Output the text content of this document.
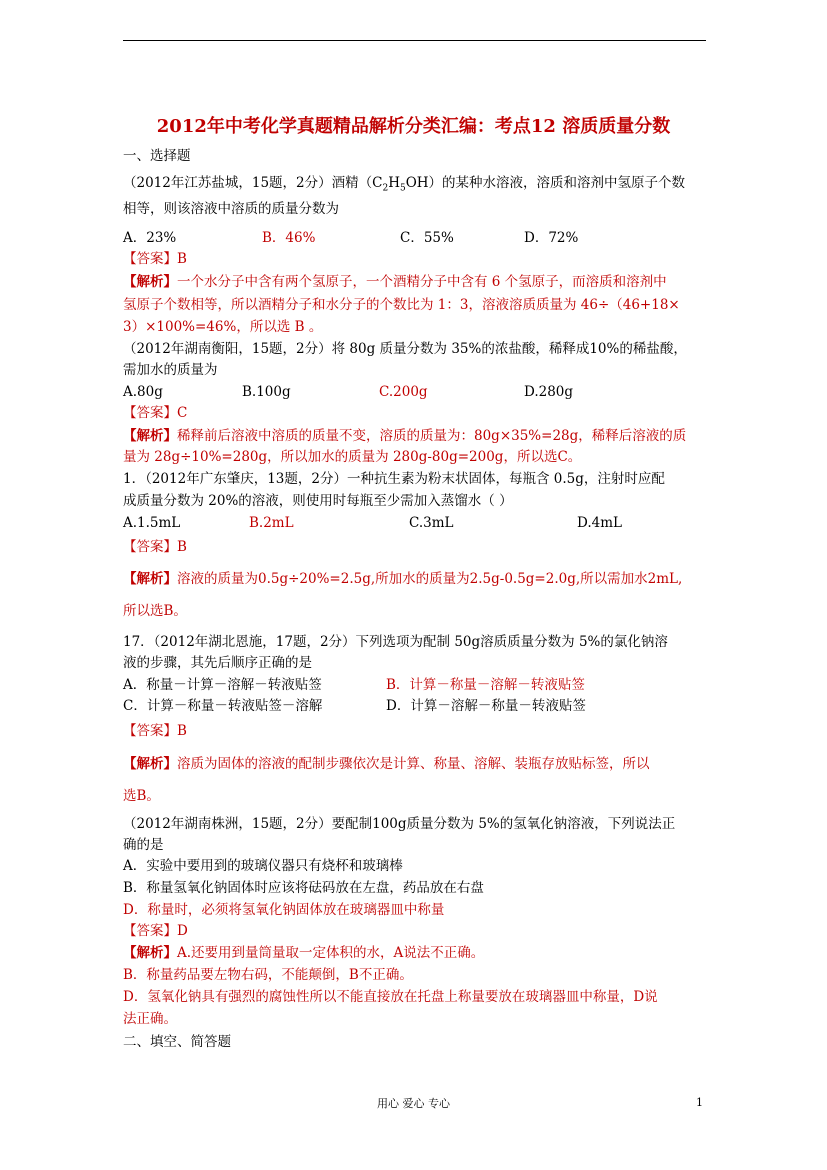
2012年中考化学真题精品解析分类汇编：考点12 溶质质量分数
一、选择题
（2012年江苏盐城，15题，2分）酒精$(C_2H_5OH)$的某种水溶液，溶质和溶剂中氢原子个数
相等，则该溶液中溶质的质量分数为
A．23%	B．46%	C．55%	D．72%
【答案】B
【解析】一个水分子中含有两个氢原子，一个酒精分子中含有 6 个氢原子，而溶质和溶剂中
氢原子个数相等，所以酒精分子和水分子的个数比为 1：3，溶液溶质质量为 46÷（46+18×
3）×100%=46%，所以选 B 。
（2012年湖南衡阳，15题，2分）将 80g 质量分数为 35%的浓盐酸，稀释成10%的稀盐酸，
需加水的质量为
A.80g	B.100g	C.200g	D.280g
【答案】C
【解析】稀释前后溶液中溶质的质量不变，溶质的质量为：80g×35%=28g，稀释后溶液的质
量为 28g÷10%=280g，所以加水的质量为 280g-80g=200g，所以选C。
1．（2012年广东肇庆，13题，2分）一种抗生素为粉末状固体，每瓶含 0.5g，注射时应配
成质量分数为 20%的溶液，则使用时每瓶至少需加入蒸馏水（ ）
A.1.5mL	B.2mL	C.3mL	D.4mL
【答案】B
【解析】溶液的质量为0.5g÷20%=2.5g,所加水的质量为2.5g-0.5g=2.0g,所以需加水2mL,
所以选B。
17．（2012年湖北恩施，17题，2分）下列选项为配制 50g溶质质量分数为 5%的氯化钠溶
液的步骤，其先后顺序正确的是
A．称量－计算－溶解－转液贴签	B．计算－称量－溶解－转液贴签
C．计算－称量－转液贴签－溶解	D．计算－溶解－称量－转液贴签
【答案】B
【解析】溶质为固体的溶液的配制步骤依次是计算、称量、溶解、装瓶存放贴标签，所以
选B。
（2012年湖南株洲，15题，2分）要配制100g质量分数为 5%的氢氧化钠溶液，下列说法正
确的是
A．实验中要用到的玻璃仪器只有烧杯和玻璃棒
B．称量氢氧化钠固体时应该将砝码放在左盘，药品放在右盘
D．称量时，必须将氢氧化钠固体放在玻璃器皿中称量
【答案】D
【解析】A.还要用到量筒量取一定体积的水，A说法不正确。
B．称量药品要左物右码，不能颠倒，B不正确。
D．氢氧化钠具有强烈的腐蚀性所以不能直接放在托盘上称量要放在玻璃器皿中称量，D说
法正确。
二、填空、简答题
用心 爱心 专心	1
